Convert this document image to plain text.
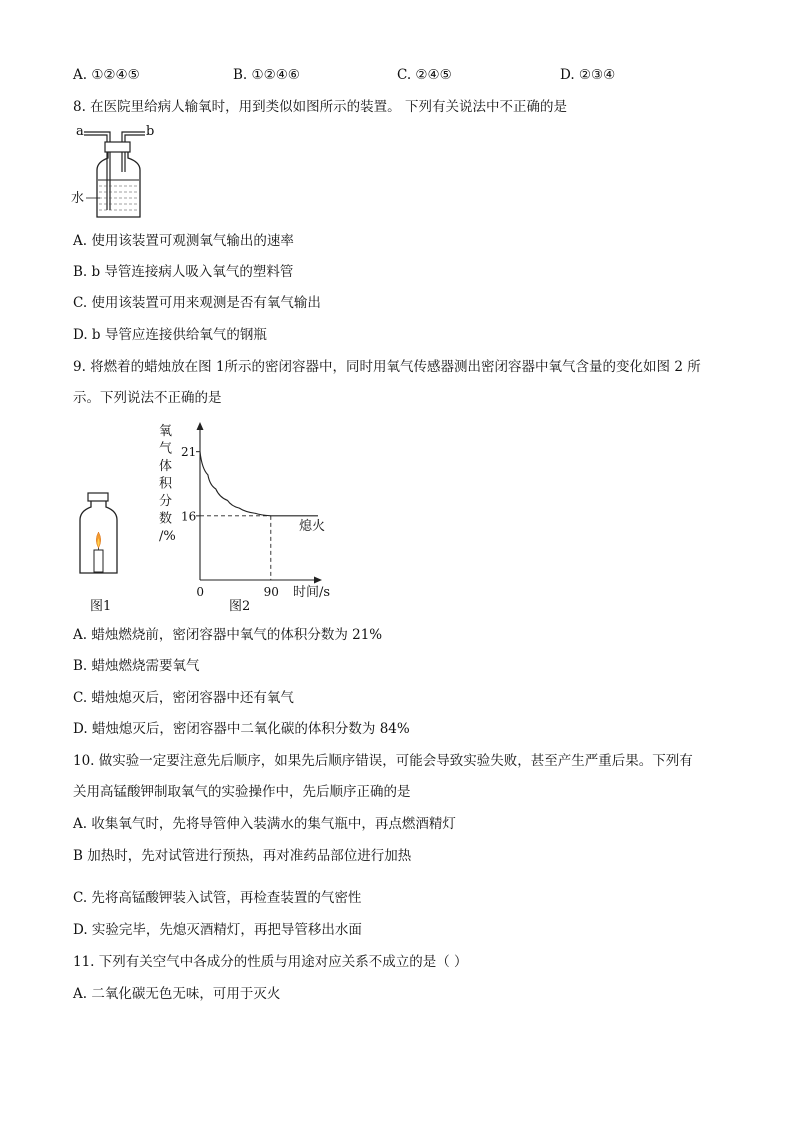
A. ①②④⑤	B. ①②④⑥	C. ②④⑤	D. ②③④
8. 在医院里给病人输氧时，用到类似如图所示的装置。 下列有关说法中不正确的是
a	b
水
A. 使用该装置可观测氧气输出的速率
B. b 导管连接病人吸入氧气的塑料管
C. 使用该装置可用来观测是否有氧气输出
D. b 导管应连接供给氧气的钢瓶
9. 将燃着的蜡烛放在图 1所示的密闭容器中，同时用氧气传感器测出密闭容器中氧气含量的变化如图 2 所
示。下列说法不正确的是
图1
氧
气
体
积
分
数
/%
21
16
0	90
熄火
时间/s
图2
A. 蜡烛燃烧前，密闭容器中氧气的体积分数为 21%
B. 蜡烛燃烧需要氧气
C. 蜡烛熄灭后，密闭容器中还有氧气
D. 蜡烛熄灭后，密闭容器中二氧化碳的体积分数为 84%
10. 做实验一定要注意先后顺序，如果先后顺序错误，可能会导致实验失败，甚至产生严重后果。下列有
关用高锰酸钾制取氧气的实验操作中，先后顺序正确的是
A. 收集氧气时，先将导管伸入装满水的集气瓶中，再点燃酒精灯
B 加热时，先对试管进行预热，再对准药品部位进行加热
C. 先将高锰酸钾装入试管，再检查装置的气密性
D. 实验完毕，先熄灭酒精灯，再把导管移出水面
11. 下列有关空气中各成分的性质与用途对应关系不成立的是（ ）
A. 二氧化碳无色无味，可用于灭火
